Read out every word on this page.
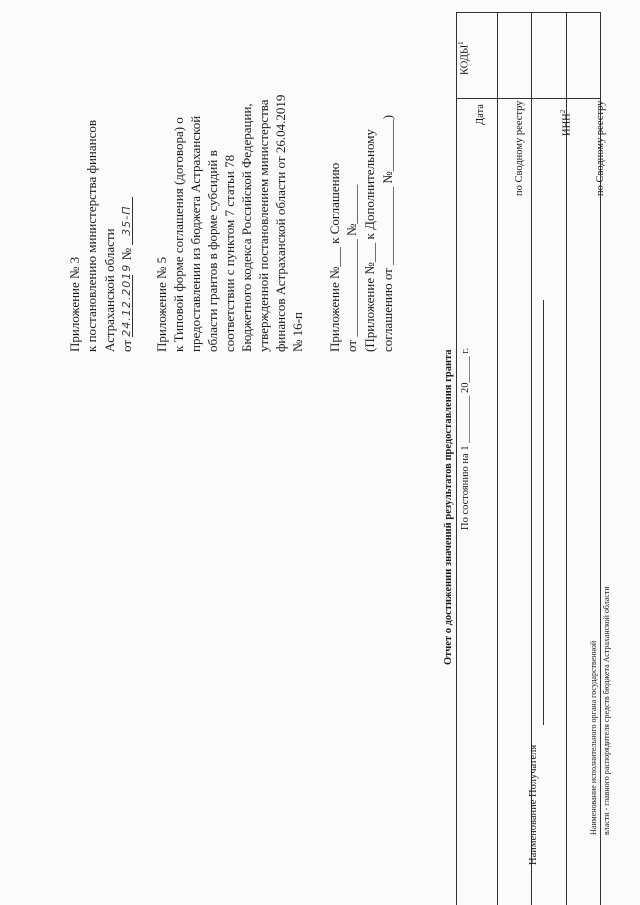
Приложение № 3 к постановлению министерства финансов Астраханской области от 24.12.2019  № 35-П
Приложение № 5 к Типовой форме соглашения (договора) о предоставлении из бюджета Астраханской области грантов в форме субсидий в соответствии с пунктом 7 статьи 78 Бюджетного кодекса Российской Федерации, утвержденной постановлением министерства финансов Астраханской области от 26.04.2019 № 16-п Приложение №___ к Соглашению от _______________ №______ (Приложение №___ к Дополнительному соглашению от ____________ №________)
Отчет о достижении значений результатов предоставления гранта По состоянию на 1 _________ 20_____ г.
КОДЫ$^1$
Дата	по Сводному реестру	ИНН$^2$	по Сводному реестру
Наименование Получателя	Наименование исполнительного органа государственной власти - главного распорядителя средств бюджета Астраханской области
